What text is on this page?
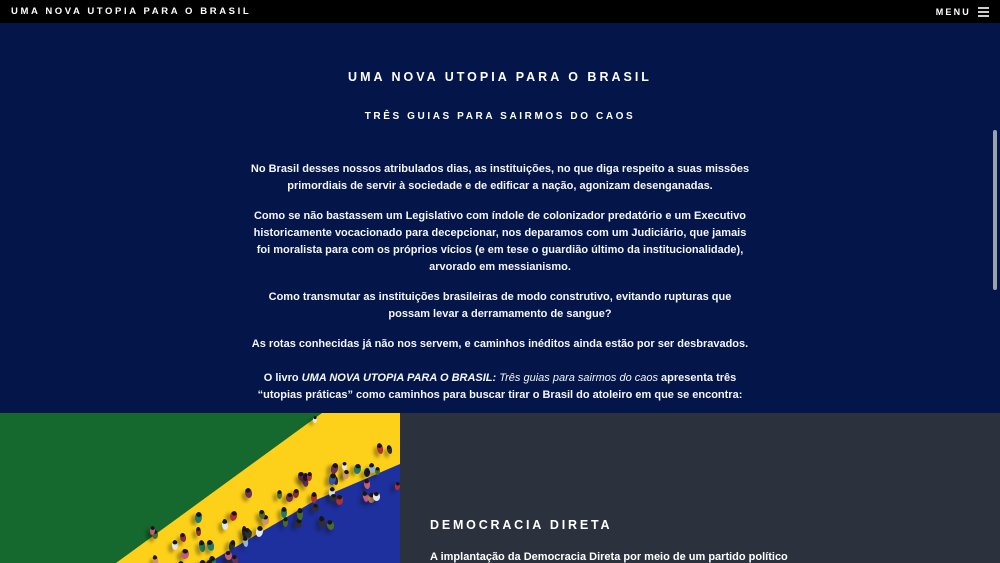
UMA NOVA UTOPIA PARA O BRASIL	MENU
UMA NOVA UTOPIA PARA O BRASIL
TRÊS GUIAS PARA SAIRMOS DO CAOS

No Brasil desses nossos atribulados dias, as instituições, no que diga respeito a suas missões primordiais de servir à sociedade e de edificar a nação, agonizam desenganadas.

Como se não bastassem um Legislativo com índole de colonizador predatório e um Executivo historicamente vocacionado para decepcionar, nos deparamos com um Judiciário, que jamais foi moralista para com os próprios vícios (e em tese o guardião último da institucionalidade), arvorado em messianismo.

Como transmutar as instituições brasileiras de modo construtivo, evitando rupturas que possam levar a derramamento de sangue?

As rotas conhecidas já não nos servem, e caminhos inéditos ainda estão por ser desbravados.

O livro UMA NOVA UTOPIA PARA O BRASIL: Três guias para sairmos do caos apresenta três “utopias práticas” como caminhos para buscar tirar o Brasil do atoleiro em que se encontra:

DEMOCRACIA DIRETA
A implantação da Democracia Direta por meio de um partido político
